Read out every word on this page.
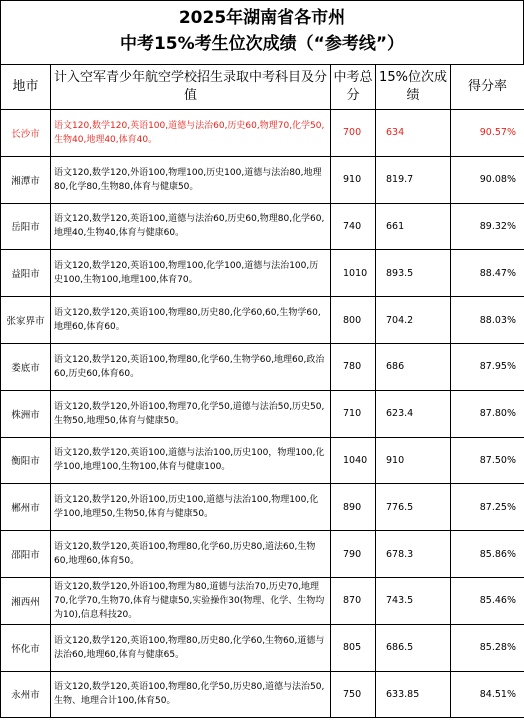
2025年湖南省各市州
中考15%考生位次成绩（“参考线”）
地市	计入空军青少年航空学校招生录取中考科目及分值	中考总分	15%位次成绩	得分率
长沙市	语文120,数学120,英语100,道德与法治60,历史60,物理70,化学50,生物40,地理40,体育40。	700	634	90.57%
湘潭市	语文120,数学120,外语100,物理100,历史100,道德与法治80,地理80,化学80,生物80,体育与健康50。	910	819.7	90.08%
岳阳市	语文120,数学120,英语100,道德与法治60,历史60,物理80,化学60,地理40,生物40,体育与健康60。	740	661	89.32%
益阳市	语文120,数学120,英语100,物理100,化学100,道德与法治100,历史100,生物100,地理100,体育70。	1010	893.5	88.47%
张家界市	语文120,数学120,英语100,物理80,历史80,化学60,60,生物学60,地理60,体育60。	800	704.2	88.03%
娄底市	语文120,数学120,英语100,物理80,化学60,生物学60,地理60,政治60,历史60,体育60。	780	686	87.95%
株洲市	语文120,数学120,外语100,物理70,化学50,道德与法治50,历史50,生物50,地理50,体育与健康50。	710	623.4	87.80%
衡阳市	语文120,数学120,英语100,道德与法治100,历史100，物理100,化学100,地理100,生物100,体育与健康100。	1040	910	87.50%
郴州市	语文120,数学120,外语100,历史100,道德与法治100,物理100,化学100,地理50,生物50,体育与健康50。	890	776.5	87.25%
邵阳市	语文120,数学120,英语100,物理80,化学60,历史80,道法60,生物60,地理60,体育50。	790	678.3	85.86%
湘西州	语文120,数学120,外语100,物理为80,道德与法治70,历史70,地理70,化学70,生物70,体育与健康50,实验操作30(物理、化学、生物均为10),信息科技20。	870	743.5	85.46%
怀化市	语文120,数学120,英语100,物理80,历史80,化学60,生物60,道德与法治60,地理60,体育与健康65。	805	686.5	85.28%
永州市	语文120,数学120,英语100,物理80,化学50,历史80,道德与法治50,生物、地理合计100,体育50。	750	633.85	84.51%
